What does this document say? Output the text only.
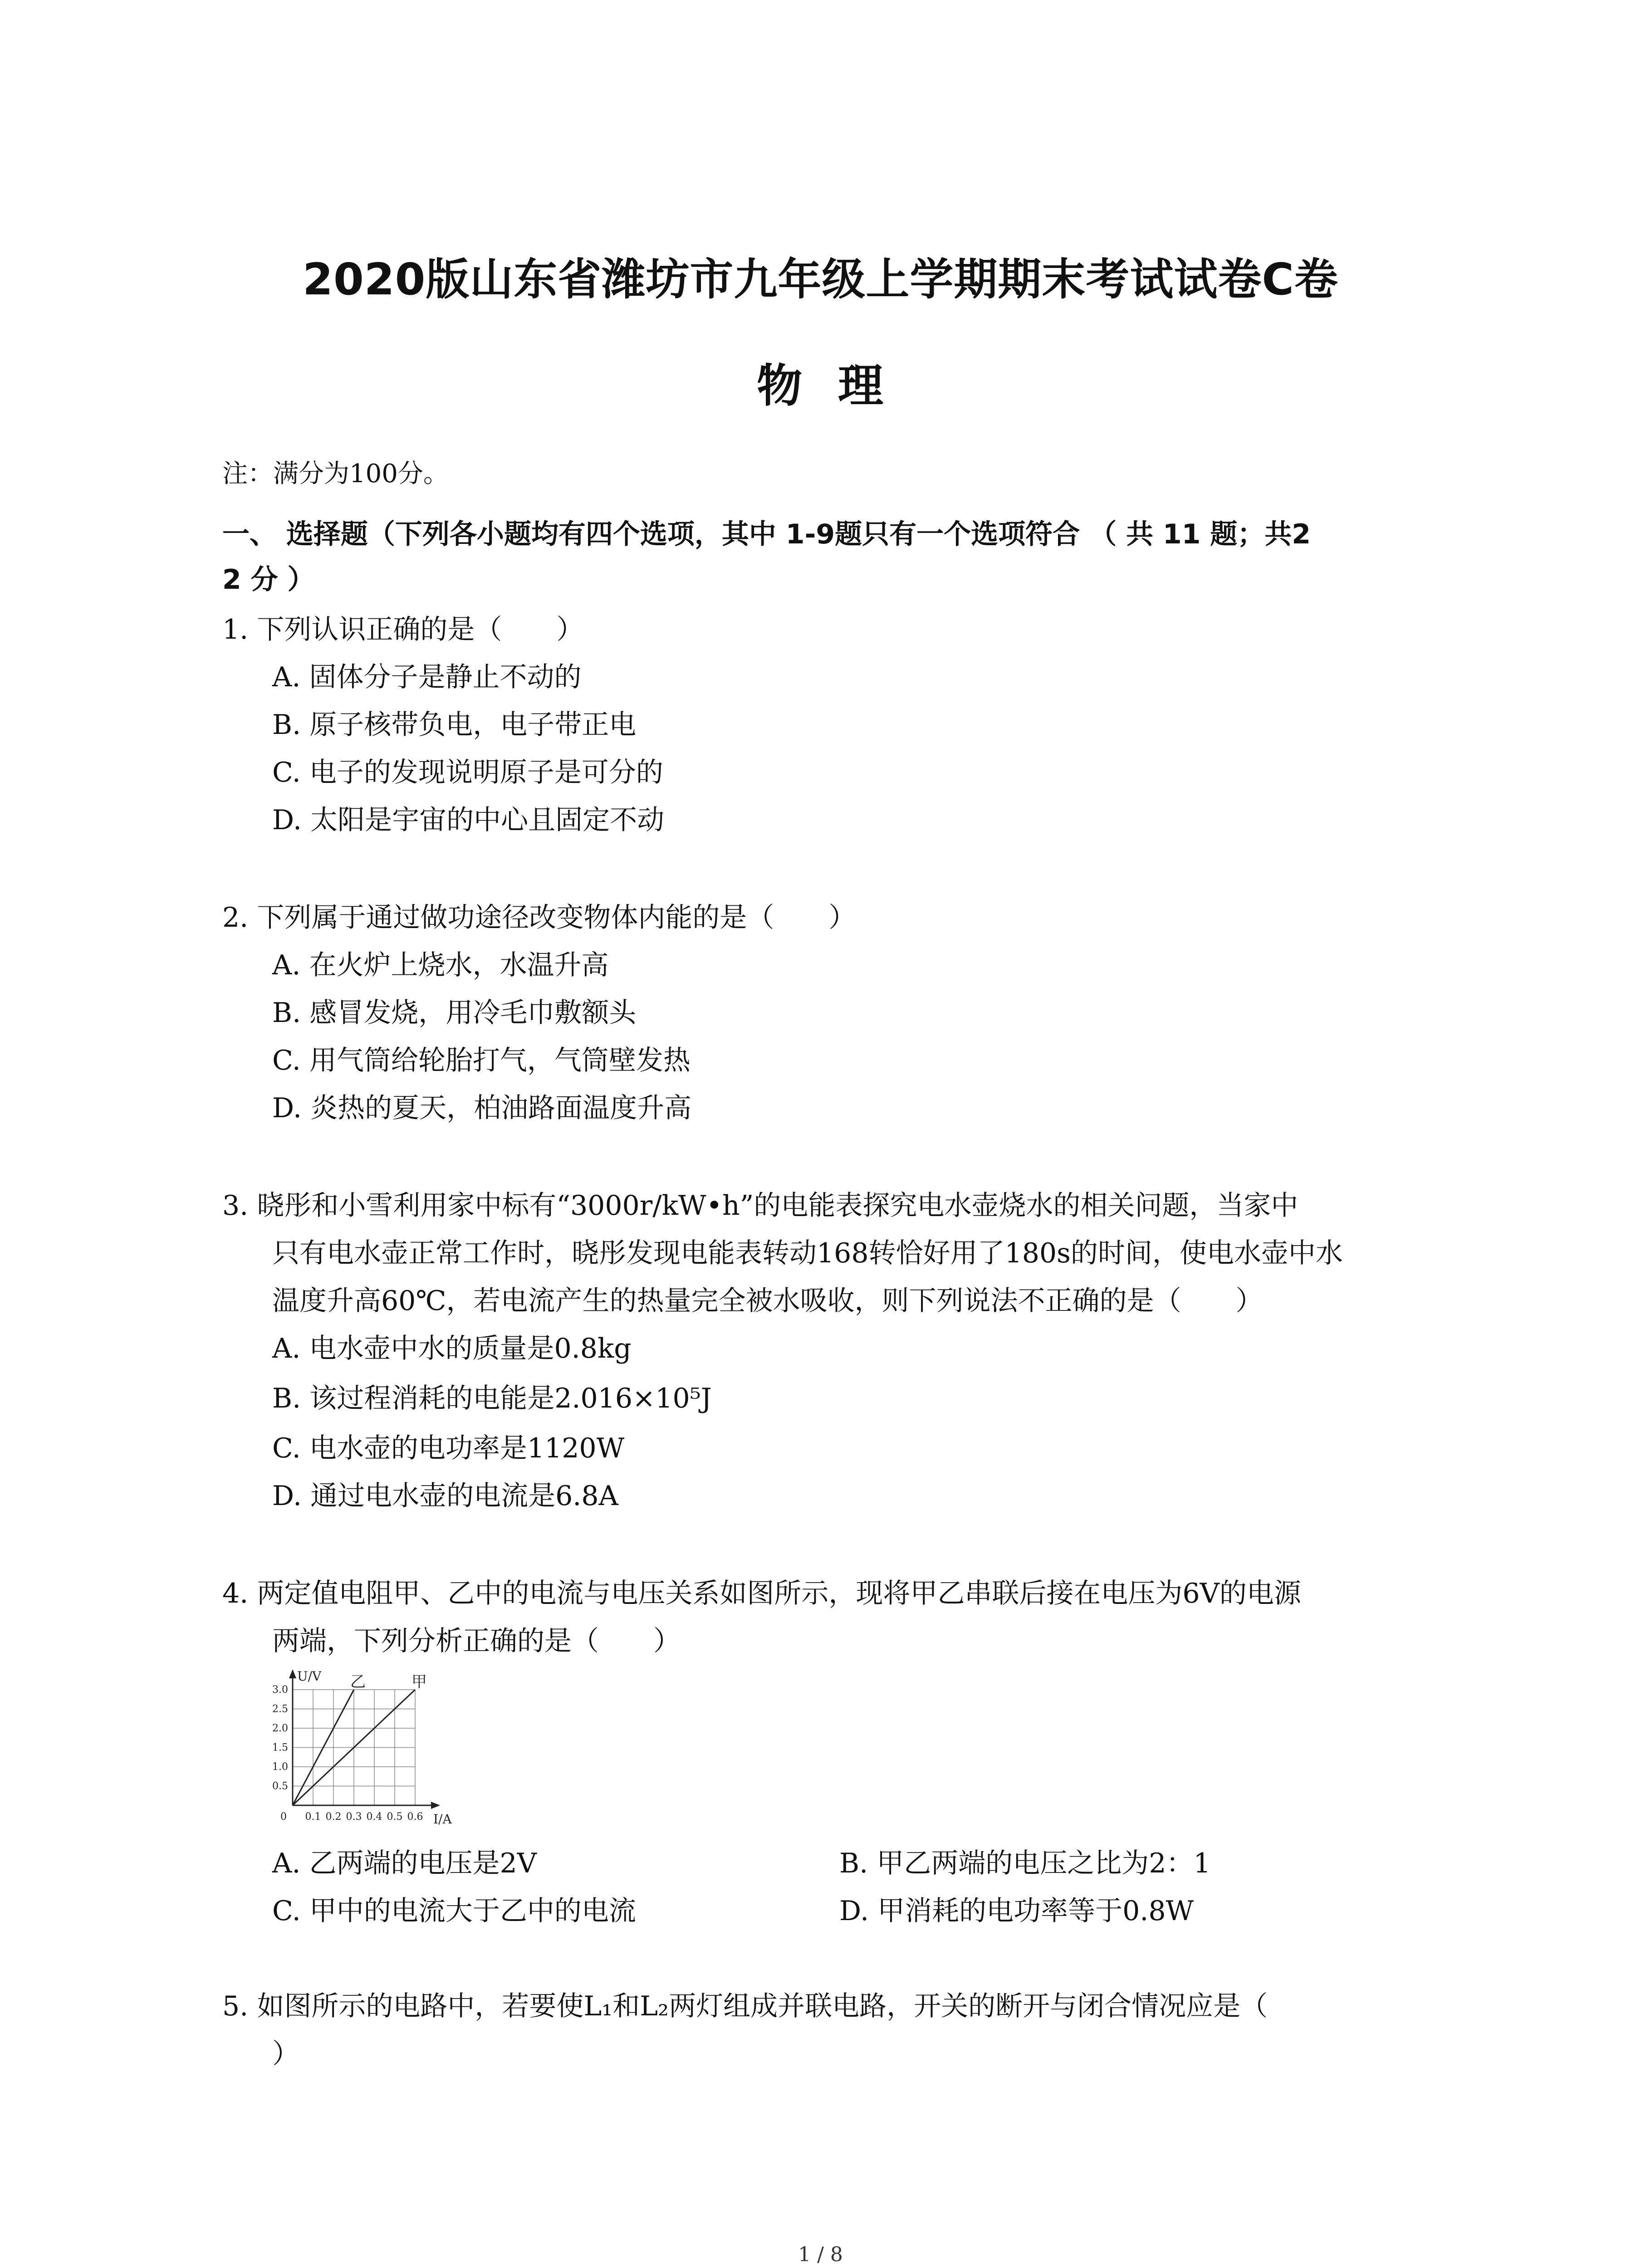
2020版山东省潍坊市九年级上学期期末考试试卷C卷
物 理
注：满分为100分。
一、 选择题（下列各小题均有四个选项，其中 1-9题只有一个选项符合 （ 共 11 题；共2
2 分 ）
1. 下列认识正确的是（　　）
A. 固体分子是静止不动的
B. 原子核带负电，电子带正电
C. 电子的发现说明原子是可分的
D. 太阳是宇宙的中心且固定不动
2. 下列属于通过做功途径改变物体内能的是（　　）
A. 在火炉上烧水，水温升高
B. 感冒发烧，用冷毛巾敷额头
C. 用气筒给轮胎打气，气筒壁发热
D. 炎热的夏天，柏油路面温度升高
3. 晓彤和小雪利用家中标有“3000r/kW•h”的电能表探究电水壶烧水的相关问题，当家中
只有电水壶正常工作时，晓彤发现电能表转动168转恰好用了180s的时间，使电水壶中水
温度升高60℃，若电流产生的热量完全被水吸收，则下列说法不正确的是（　　）
A. 电水壶中水的质量是0.8kg
B. 该过程消耗的电能是2.016×10⁵J
C. 电水壶的电功率是1120W
D. 通过电水壶的电流是6.8A
4. 两定值电阻甲、乙中的电流与电压关系如图所示，现将甲乙串联后接在电压为6V的电源
两端，下列分析正确的是（　　）
0.1 0.2 0.3 0.4 0.5 0.6
0.5
1.0
1.5
2.0
2.5
3.0
0	I/A
U/V 乙	甲
A. 乙两端的电压是2V	B. 甲乙两端的电压之比为2：1
C. 甲中的电流大于乙中的电流	D. 甲消耗的电功率等于0.8W
5. 如图所示的电路中，若要使L₁和L₂两灯组成并联电路，开关的断开与闭合情况应是（
）
1 / 8
